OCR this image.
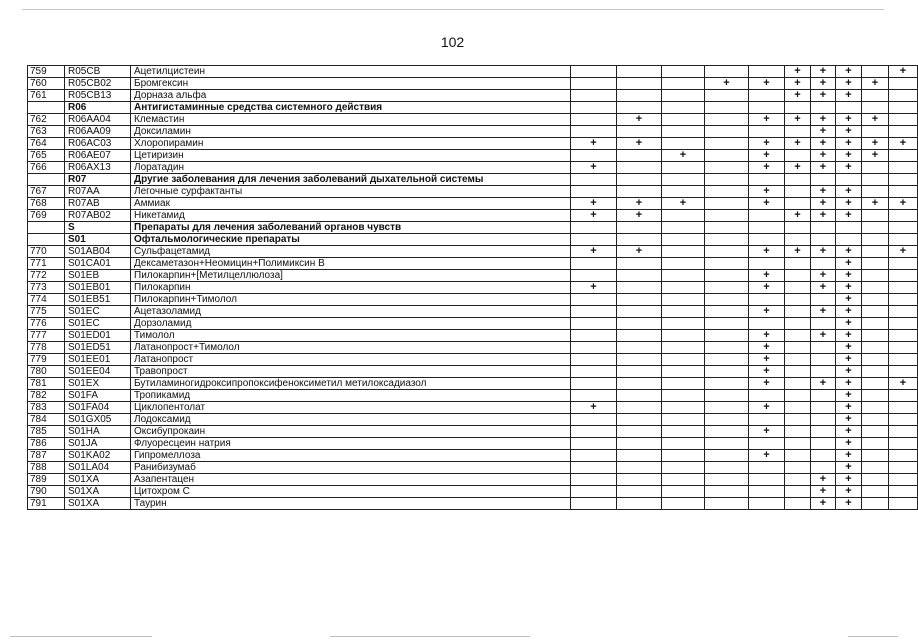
102
759	R05CB	Ацетилцистеин						+	+	+		+
760	R05CB02	Бромгексин				+	+	+	+	+	+	
761	R05CB13	Дорназа альфа						+	+	+		
	R06	Антигистаминные средства системного действия										
762	R06AA04	Клемастин		+			+	+	+	+	+	
763	R06AA09	Доксиламин							+	+		
764	R06AC03	Хлоропирамин	+	+			+	+	+	+	+	+
765	R06AE07	Цетиризин			+		+		+	+	+	
766	R06AX13	Лоратадин	+				+	+	+	+		
	R07	Другие заболевания для лечения заболеваний дыхательной системы										
767	R07AA	Легочные сурфактанты					+		+	+		
768	R07AB	Аммиак	+	+	+		+		+	+	+	+
769	R07AB02	Никетамид	+	+				+	+	+		
	S	Препараты для лечения заболеваний органов чувств										
	S01	Офтальмологические препараты										
770	S01AB04	Сульфацетамид	+	+			+	+	+	+		+
771	S01CA01	Дексаметазон+Неомицин+Полимиксин В								+		
772	S01EB	Пилокарпин+[Метилцеллюлоза]					+		+	+		
773	S01EB01	Пилокарпин	+				+		+	+		
774	S01EB51	Пилокарпин+Тимолол								+		
775	S01EC	Ацетазоламид					+		+	+		
776	S01EC	Дорзоламид								+		
777	S01ED01	Тимолол					+		+	+		
778	S01ED51	Латанопрост+Тимолол					+			+		
779	S01EE01	Латанопрост					+			+		
780	S01EE04	Травопрост					+			+		
781	S01EX	Бутиламиногидроксипропоксифеноксиметил метилоксадиазол					+		+	+		+
782	S01FA	Тропикамид								+		
783	S01FA04	Циклопентолат	+				+			+		
784	S01GX05	Лодоксамид								+		
785	S01HA	Оксибупрокаин					+			+		
786	S01JA	Флуоресцеин натрия								+		
787	S01KA02	Гипромеллоза					+			+		
788	S01LA04	Ранибизумаб								+		
789	S01XA	Азапентацен							+	+		
790	S01XA	Цитохром С							+	+		
791	S01XA	Таурин							+	+		
